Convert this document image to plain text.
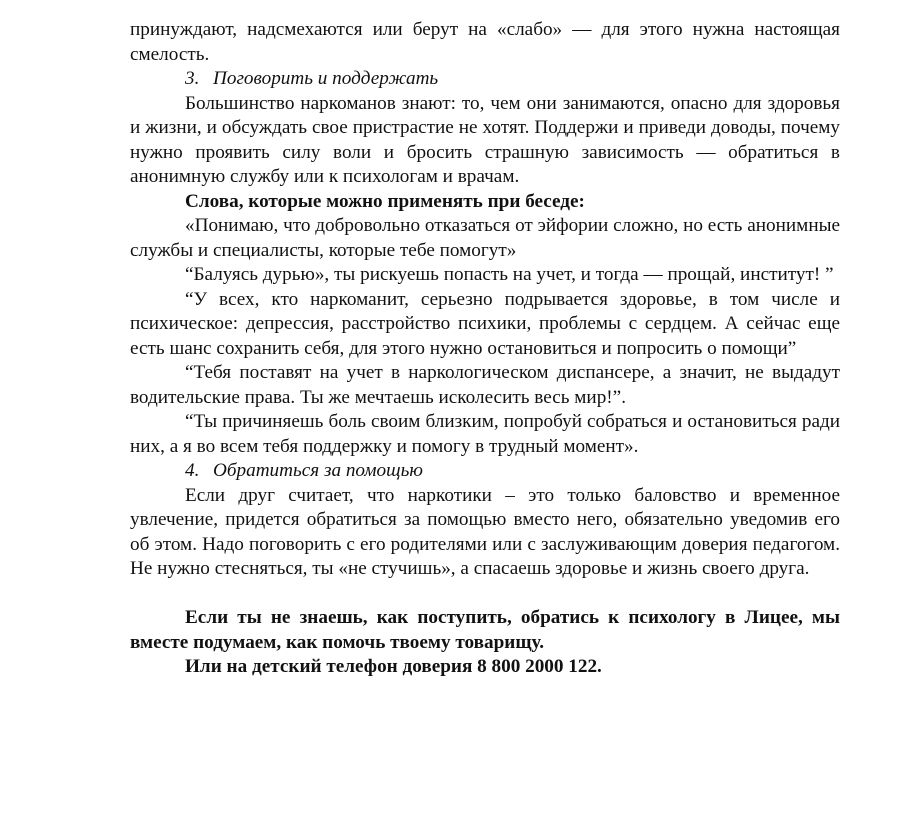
принуждают, надсмехаются или берут на «слабо» — для этого нужна настоящая смелость.

3. Поговорить и поддержать

Большинство наркоманов знают: то, чем они занимаются, опасно для здоровья и жизни, и обсуждать свое пристрастие не хотят. Поддержи и приведи доводы, почему нужно проявить силу воли и бросить страшную зависимость — обратиться в анонимную службу или к психологам и врачам.

Слова, которые можно применять при беседе:

«Понимаю, что добровольно отказаться от эйфории сложно, но есть анонимные службы и специалисты, которые тебе помогут»

“Балуясь дурью», ты рискуешь попасть на учет, и тогда — прощай, институт! ”

“У всех, кто наркоманит, серьезно подрывается здоровье, в том числе и психическое: депрессия, расстройство психики, проблемы с сердцем. А сейчас еще есть шанс сохранить себя, для этого нужно остановиться и попросить о помощи”

“Тебя поставят на учет в наркологическом диспансере, а значит, не выдадут водительские права. Ты же мечтаешь исколесить весь мир!”.

“Ты причиняешь боль своим близким, попробуй собраться и остановиться ради них, а я во всем тебя поддержку и помогу в трудный момент».

4. Обратиться за помощью

Если друг считает, что наркотики – это только баловство и временное увлечение, придется обратиться за помощью вместо него, обязательно уведомив его об этом. Надо поговорить с его родителями или с заслуживающим доверия педагогом. Не нужно стесняться, ты «не стучишь», а спасаешь здоровье и жизнь своего друга.

Если ты не знаешь, как поступить, обратись к психологу в Лицее, мы вместе подумаем, как помочь твоему товарищу.

Или на детский телефон доверия 8 800 2000 122.
